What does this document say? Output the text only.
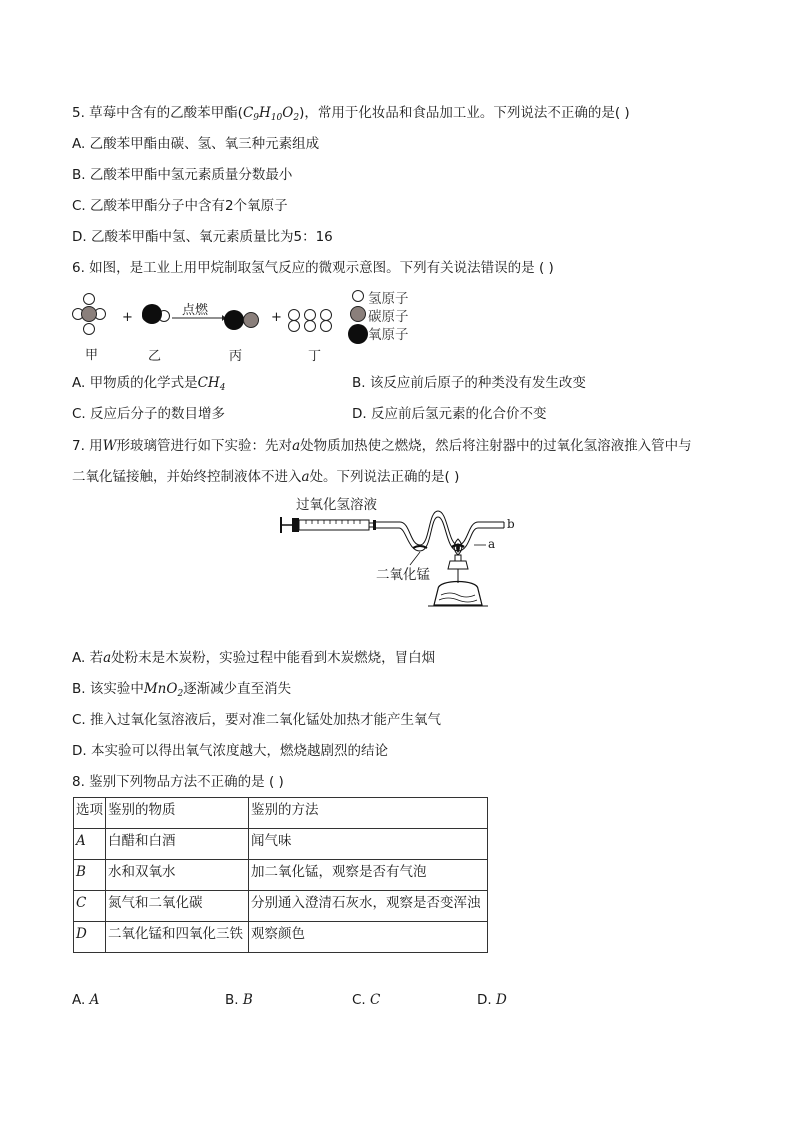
5. 草莓中含有的乙酸苯甲酯$(C_9H_{10}O_2)$，常用于化妆品和食品加工业。下列说法不正确的是( )
A. 乙酸苯甲酯由碳、氢、氧三种元素组成
B. 乙酸苯甲酯中氢元素质量分数最小
C. 乙酸苯甲酯分子中含有2个氧原子
D. 乙酸苯甲酯中氢、氧元素质量比为5：16
6. 如图，是工业上用甲烷制取氢气反应的微观示意图。下列有关说法错误的是 ( )
+	点燃	+
氢原子
碳原子
氧原子
甲	乙	丙	丁
A. 甲物质的化学式是$CH_4$	B. 该反应前后原子的种类没有发生改变
C. 反应后分子的数目增多	D. 反应前后氢元素的化合价不变
7. 用W形玻璃管进行如下实验：先对a处物质加热使之燃烧，然后将注射器中的过氧化氢溶液推入管中与
二氧化锰接触，并始终控制液体不进入a处。下列说法正确的是( )
过氧化氢溶液
二氧化锰
a
b
A. 若a处粉末是木炭粉，实验过程中能看到木炭燃烧，冒白烟
B. 该实验中MnO$_2$逐渐减少直至消失
C. 推入过氧化氢溶液后，要对准二氧化锰处加热才能产生氧气
D. 本实验可以得出氧气浓度越大，燃烧越剧烈的结论
8. 鉴别下列物品方法不正确的是 ( )
选项	鉴别的物质	鉴别的方法
A	白醋和白酒	闻气味
B	水和双氧水	加二氧化锰，观察是否有气泡
C	氮气和二氧化碳	分别通入澄清石灰水，观察是否变浑浊
D	二氧化锰和四氧化三铁	观察颜色
A. A	B. B	C. C	D. D
